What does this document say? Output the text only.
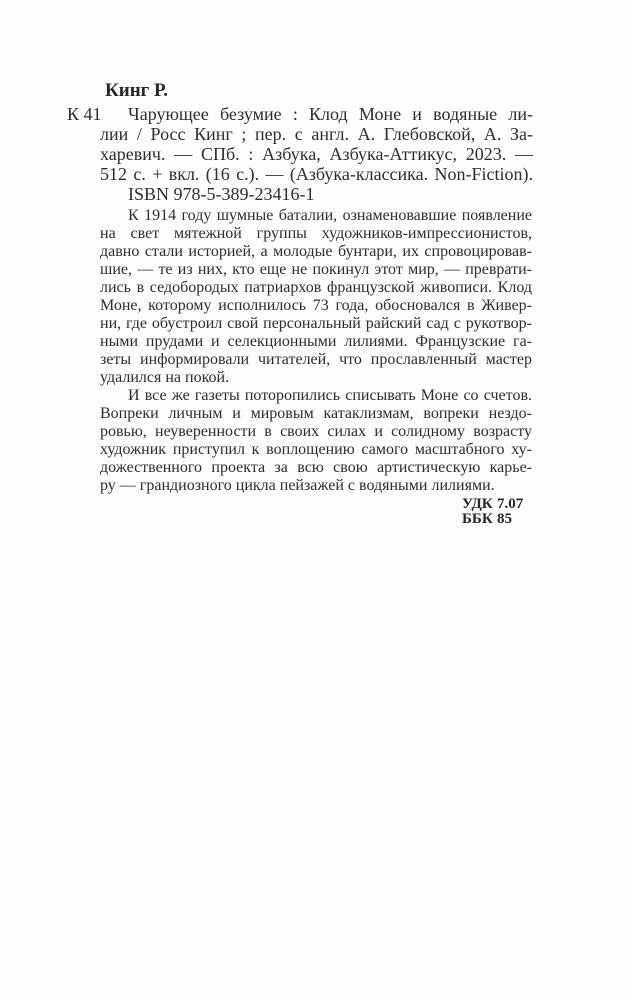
Кинг Р.
К 41	Чарующее безумие : Клод Моне и водяные ли-
лии / Росс Кинг ; пер. с англ. А. Глебовской, А. За-
харевич. — СПб. : Азбука, Азбука-Аттикус, 2023. —
512 с. + вкл. (16 с.). — (Азбука-классика. Non-Fiction).
ISBN 978-5-389-23416-1
К 1914 году шумные баталии, ознаменовавшие появление
на свет мятежной группы художников-импрессионистов,
давно стали историей, а молодые бунтари, их спровоцировав-
шие, — те из них, кто еще не покинул этот мир, — преврати-
лись в седобородых патриархов французской живописи. Клод
Моне, которому исполнилось 73 года, обосновался в Живер-
ни, где обустроил свой персональный райский сад с рукотвор-
ными прудами и селекционными лилиями. Французские га-
зеты информировали читателей, что прославленный мастер
удалился на покой.
И все же газеты поторопились списывать Моне со счетов.
Вопреки личным и мировым катаклизмам, вопреки нездо-
ровью, неуверенности в своих силах и солидному возрасту
художник приступил к воплощению самого масштабного ху-
дожественного проекта за всю свою артистическую карье-
ру — грандиозного цикла пейзажей с водяными лилиями.
УДК 7.07
ББК 85
